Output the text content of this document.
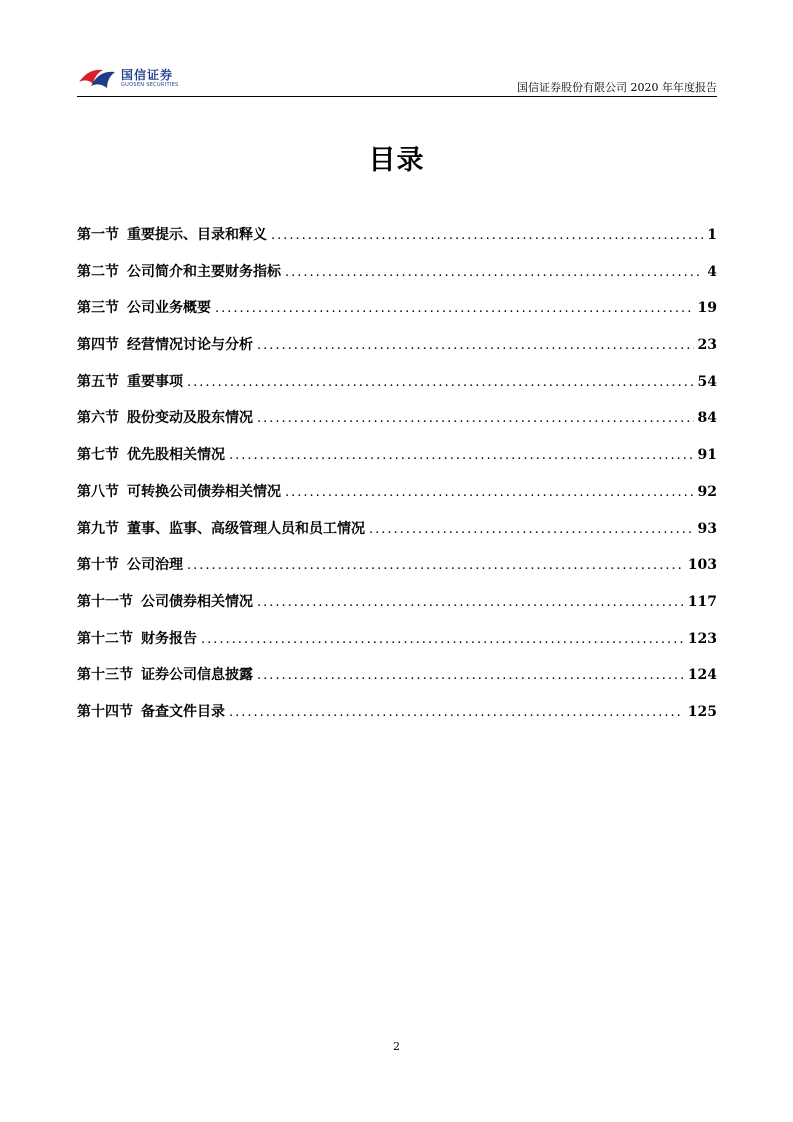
国信证券
GUOSEN SECURITIES	国信证券股份有限公司 2020 年年度报告
目录
第一节 重要提示、目录和释义 .....	1
第二节 公司简介和主要财务指标 .....	4
第三节 公司业务概要 .....	19
第四节 经营情况讨论与分析 .....	23
第五节 重要事项 .....	54
第六节 股份变动及股东情况 .....	84
第七节 优先股相关情况 .....	91
第八节 可转换公司债券相关情况 .....	92
第九节 董事、监事、高级管理人员和员工情况 .....	93
第十节 公司治理 .....	103
第十一节 公司债券相关情况 .....	117
第十二节 财务报告 .....	123
第十三节 证券公司信息披露 .....	124
第十四节 备查文件目录 .....	125
2
